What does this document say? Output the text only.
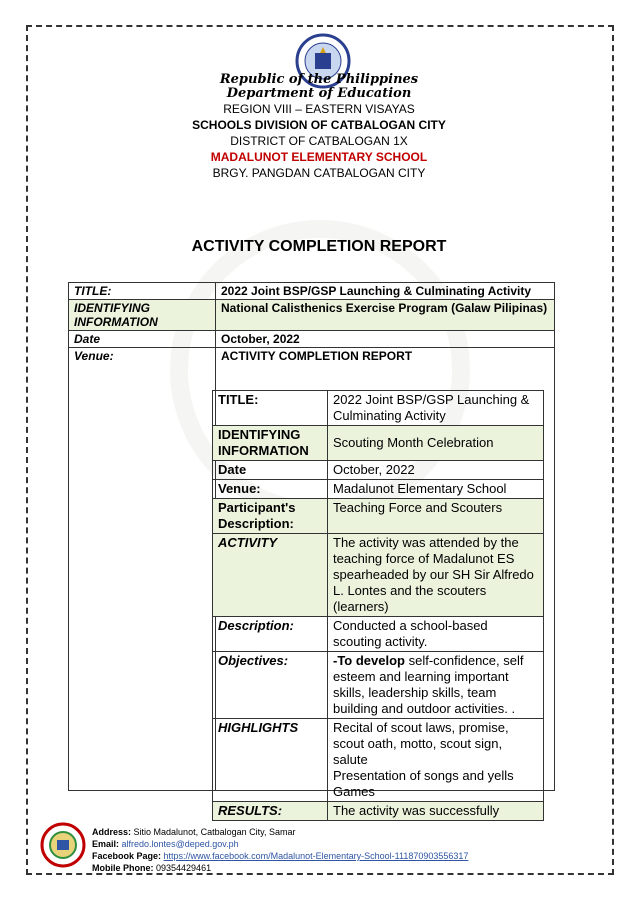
Republic of the Philippines
Department of Education
REGION VIII – EASTERN VISAYAS
SCHOOLS DIVISION OF CATBALOGAN CITY
DISTRICT OF CATBALOGAN 1X
MADALUNOT ELEMENTARY SCHOOL
BRGY. PANGDAN CATBALOGAN CITY
ACTIVITY COMPLETION REPORT
TITLE:	2022 Joint BSP/GSP Launching & Culminating Activity
IDENTIFYING INFORMATION	National Calisthenics Exercise Program (Galaw Pilipinas)
Date	October, 2022
Venue:	ACTIVITY COMPLETION REPORT
TITLE:	2022 Joint BSP/GSP Launching & Culminating Activity
IDENTIFYING INFORMATION	Scouting Month Celebration
Date	October, 2022
Venue:	Madalunot Elementary School
Participant's Description:	Teaching Force and Scouters
ACTIVITY	The activity was attended by the teaching force of Madalunot ES spearheaded by our SH Sir Alfredo L. Lontes and the scouters (learners)
Description:	Conducted a school-based scouting activity.
Objectives:	-To develop self-confidence, self esteem and learning important skills, leadership skills, team building and outdoor activities. .
HIGHLIGHTS	Recital of scout laws, promise, scout oath, motto, scout sign, salute
Presentation of songs and yells Games

RESULTS:	The activity was successfully
Address: Sitio Madalunot, Catbalogan City, Samar
Email: alfredo.lontes@deped.gov.ph
Facebook Page: https://www.facebook.com/Madalunot-Elementary-School-111870903556317
Mobile Phone: 09354429461
